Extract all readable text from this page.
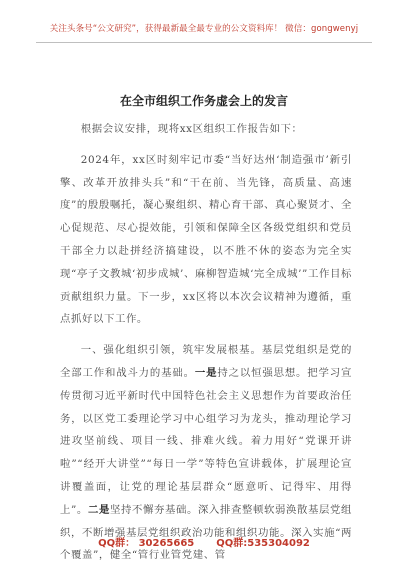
关注头条号“公文研究”，获得最新最全最专业的公文资料库！ 微信：gongwenyj
在全市组织工作务虚会上的发言

根据会议安排，现将xx区组织工作报告如下：

2024年，xx区时刻牢记市委“当好达州‘制造强市’新引擎、改革开放排头兵”和“干在前、当先锋，高质量、高速度”的殷殷嘱托，凝心聚组织、精心育干部、真心聚贤才、全心促规范、尽心提效能，引领和保障全区各级党组织和党员干部全力以赴拼经济搞建设，以不胜不休的姿态为完全实现“亭子文教城‘初步成城’、麻柳智造城‘完全成城’”工作目标贡献组织力量。下一步，xx区将以本次会议精神为遵循，重点抓好以下工作。

一、强化组织引领，筑牢发展根基。基层党组织是党的全部工作和战斗力的基础。一是持之以恒强思想。把学习宣传贯彻习近平新时代中国特色社会主义思想作为首要政治任务，以区党工委理论学习中心组学习为龙头，推动理论学习进攻坚前线、项目一线、排难火线。着力用好“党课开讲啦”“经开大讲堂”“每日一学”等特色宣讲载体，扩展理论宣讲覆盖面，让党的理论基层群众“愿意听、记得牢、用得上”。二是坚持不懈夯基础。深入排查整顿软弱涣散基层党组织，不断增强基层党组织政治功能和组织功能。深入实施“两个覆盖”，健全“管行业管党建、管

QQ群： 30265665 QQ群:535304092
